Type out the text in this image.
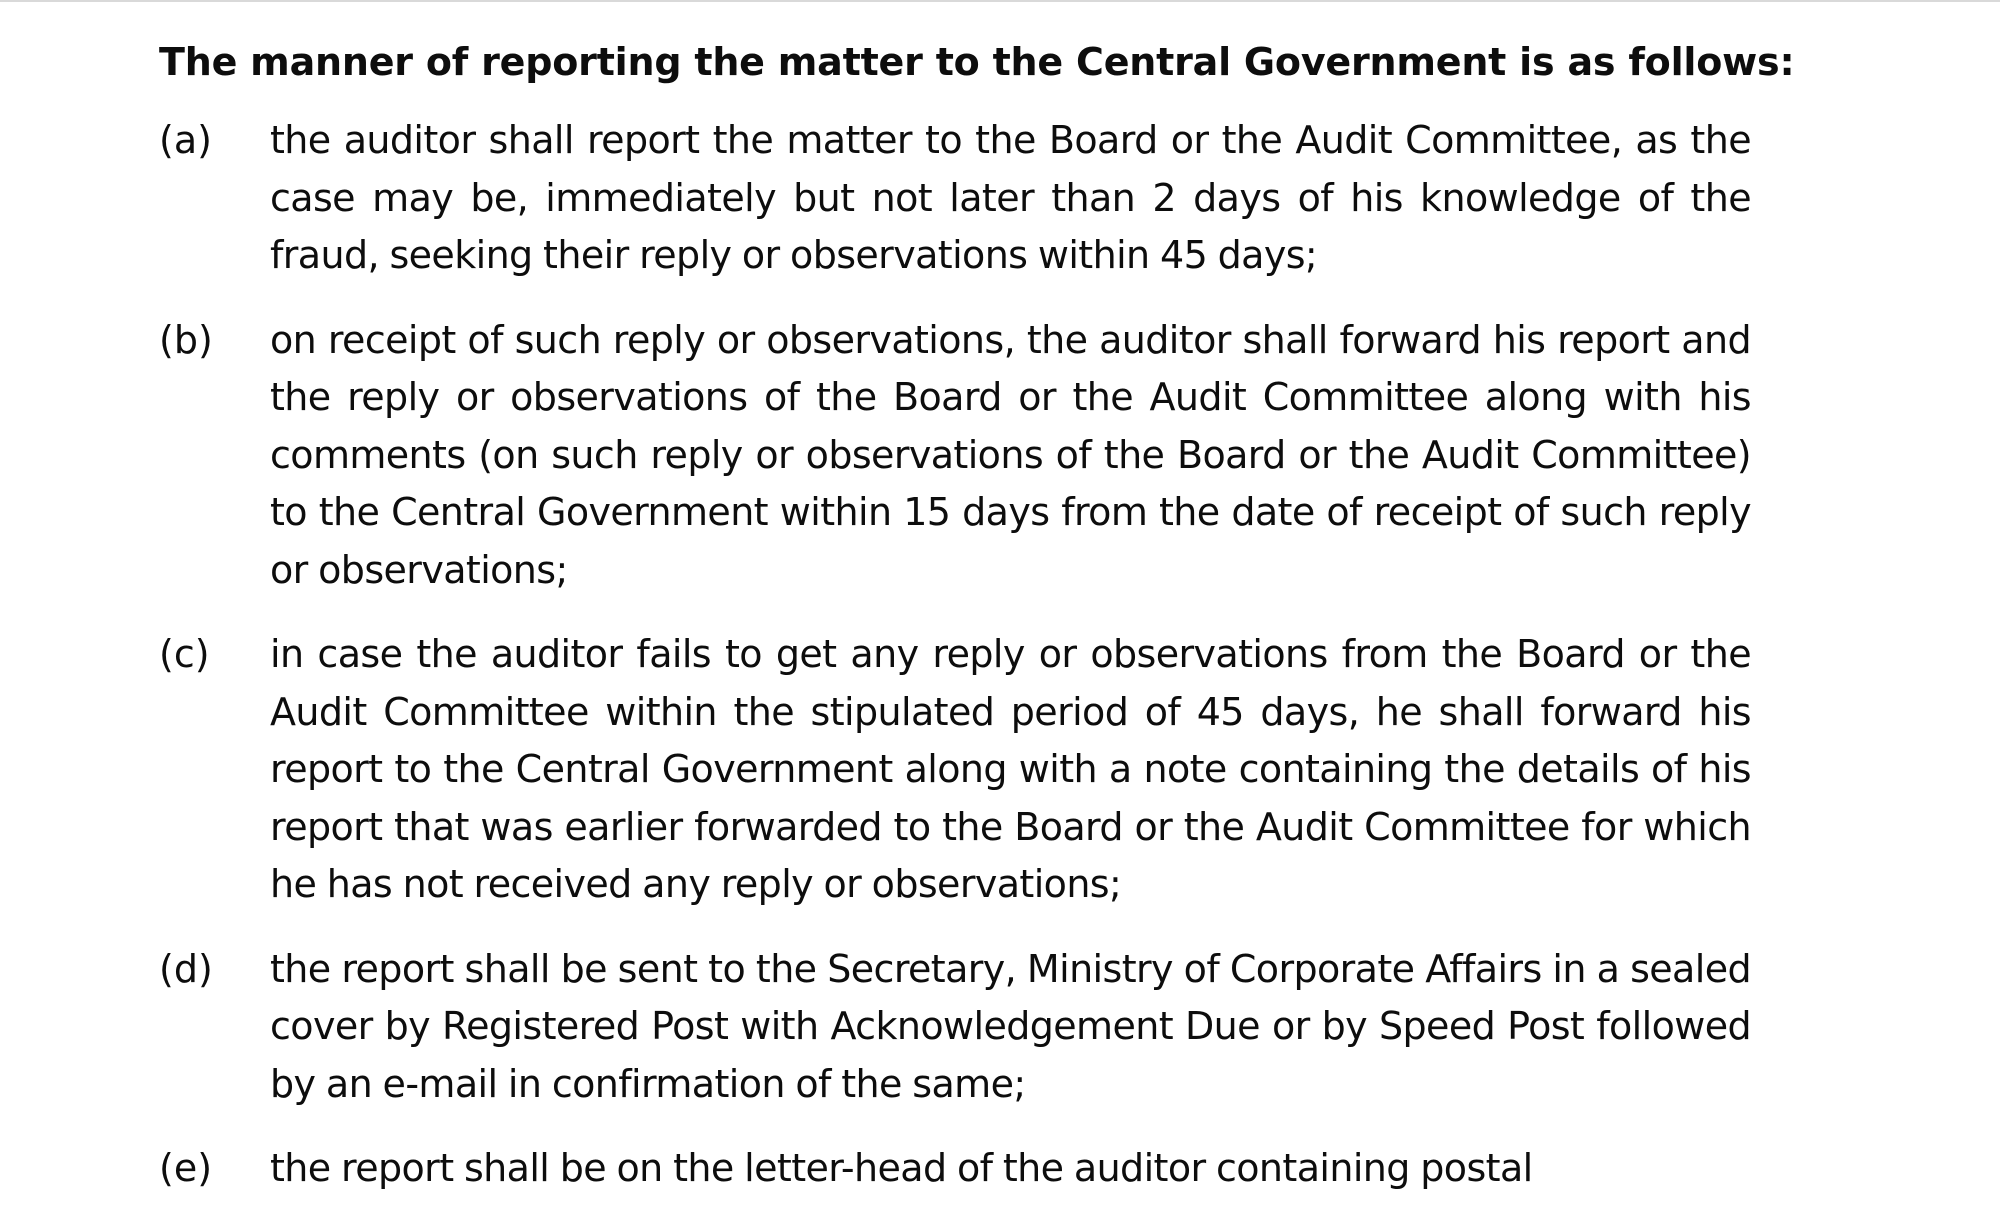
The manner of reporting the matter to the Central Government is as follows:
(a)	the auditor shall report the matter to the Board or the Audit Committee, as the case may be, immediately but not later than 2 days of his knowledge of the fraud, seeking their reply or observations within 45 days;
(b)	on receipt of such reply or observations, the auditor shall forward his report and the reply or observations of the Board or the Audit Committee along with his comments (on such reply or observations of the Board or the Audit Committee) to the Central Government within 15 days from the date of receipt of such reply or observations;
(c)	in case the auditor fails to get any reply or observations from the Board or the Audit Committee within the stipulated period of 45 days, he shall forward his report to the Central Government along with a note containing the details of his report that was earlier forwarded to the Board or the Audit Committee for which he has not received any reply or observations;
(d)	the report shall be sent to the Secretary, Ministry of Corporate Affairs in a sealed cover by Registered Post with Acknowledgement Due or by Speed Post followed by an e-mail in confirmation of the same;
(e)	the report shall be on the letter-head of the auditor containing postal
